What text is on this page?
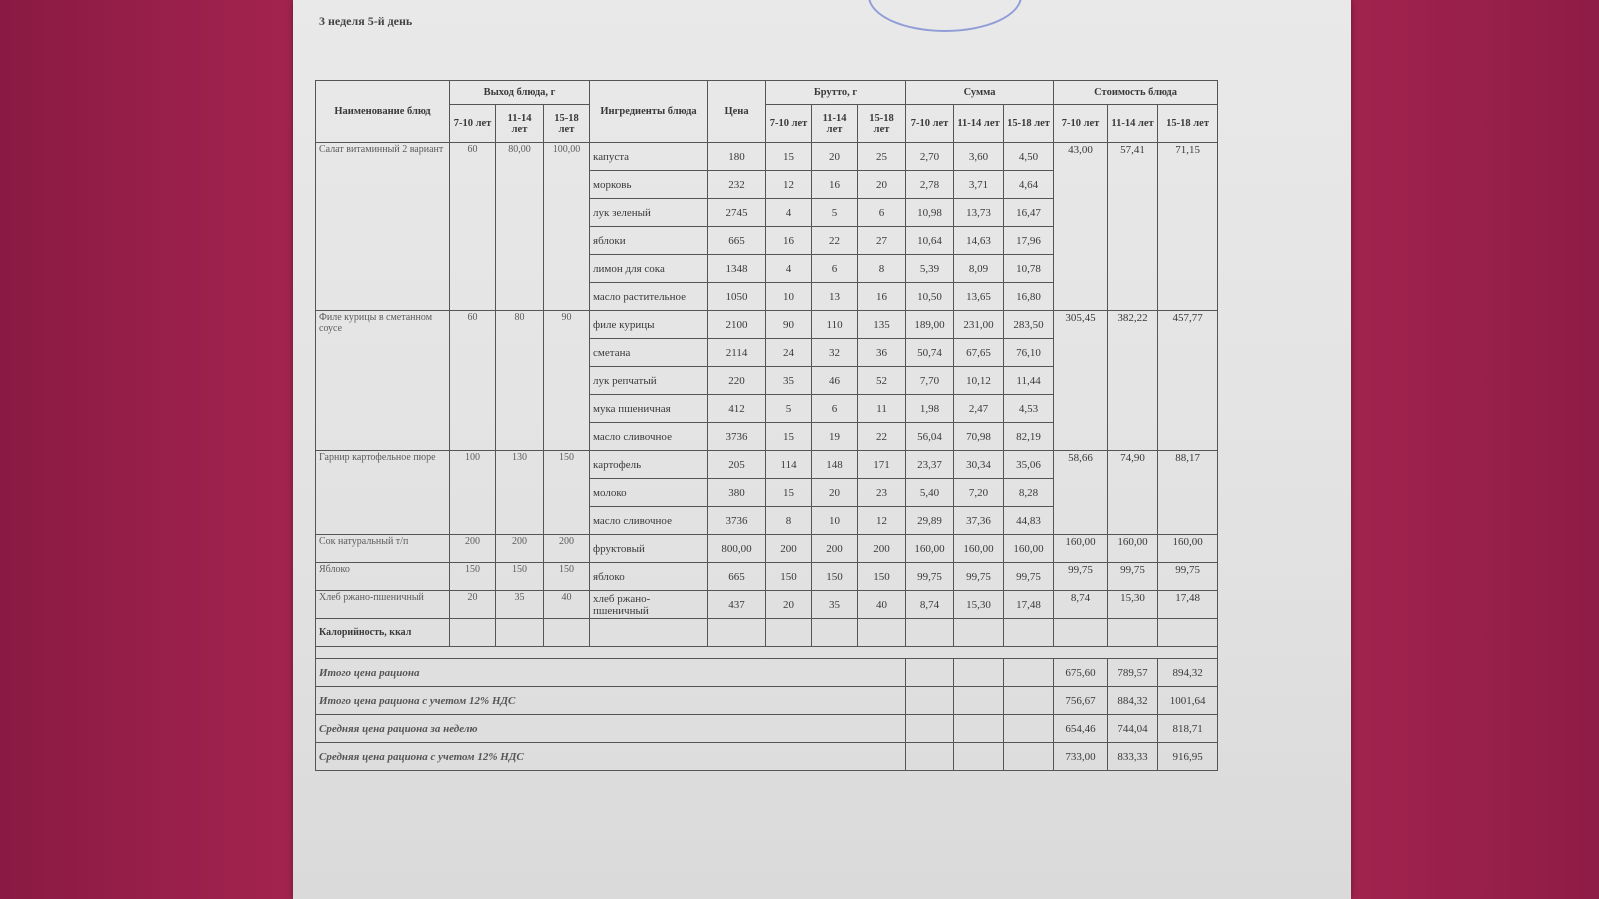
3 неделя 5-й день
Наименование блюд	Выход блюда, г			Ингредиенты блюда	Цена	Брутто, г			Сумма			Стоимость блюда		
	7-10 лет	11-14 лет	15-18 лет			7-10 лет	11-14 лет	15-18 лет	7-10 лет	11-14 лет	15-18 лет	7-10 лет	11-14 лет	15-18 лет
Салат витаминный 2 вариант	60	80,00	100,00	капуста	180	15	20	25	2,70	3,60	4,50	43,00	57,41	71,15
				морковь	232	12	16	20	2,78	3,71	4,64			
				лук зеленый	2745	4	5	6	10,98	13,73	16,47			
				яблоки	665	16	22	27	10,64	14,63	17,96			
				лимон для сока	1348	4	6	8	5,39	8,09	10,78			
				масло растительное	1050	10	13	16	10,50	13,65	16,80			
Филе курицы в сметанном соусе	60	80	90	филе курицы	2100	90	110	135	189,00	231,00	283,50	305,45	382,22	457,77
				сметана	2114	24	32	36	50,74	67,65	76,10			
				лук репчатый	220	35	46	52	7,70	10,12	11,44			
				мука пшеничная	412	5	6	11	1,98	2,47	4,53			
				масло сливочное	3736	15	19	22	56,04	70,98	82,19			
Гарнир картофельное пюре	100	130	150	картофель	205	114	148	171	23,37	30,34	35,06	58,66	74,90	88,17
				молоко	380	15	20	23	5,40	7,20	8,28			
				масло сливочное	3736	8	10	12	29,89	37,36	44,83			
Сок натуральный т/п	200	200	200	фруктовый	800,00	200	200	200	160,00	160,00	160,00	160,00	160,00	160,00
Яблоко	150	150	150	яблоко	665	150	150	150	99,75	99,75	99,75	99,75	99,75	99,75
Хлеб ржано-пшеничный	20	35	40	хлеб ржано-пшеничный	437	20	35	40	8,74	15,30	17,48	8,74	15,30	17,48
Калорийность, ккал														

Итого цена рациона												675,60	789,57	894,32
Итого цена рациона с учетом 12% НДС												756,67	884,32	1001,64
Средняя цена рациона за неделю												654,46	744,04	818,71
Средняя цена рациона с учетом 12% НДС												733,00	833,33	916,95
